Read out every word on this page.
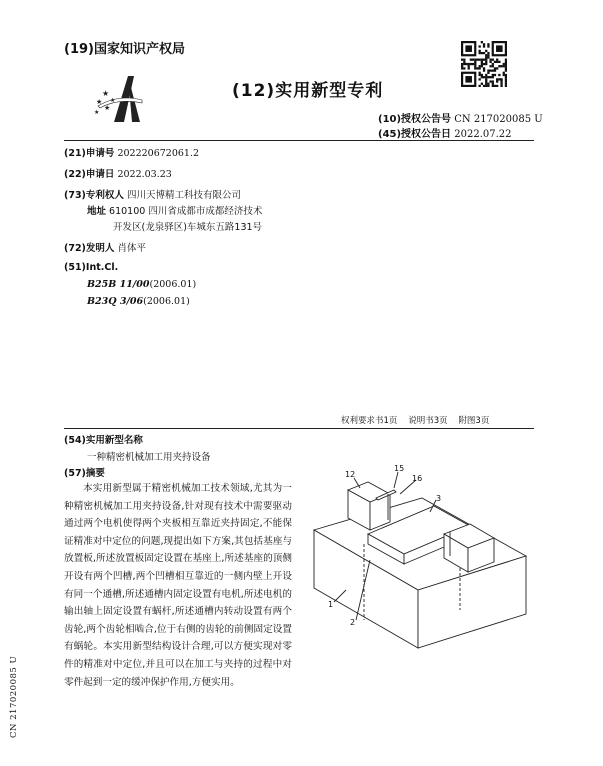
(19)国家知识产权局
★
★
★
★
★
(12)实用新型专利
(10)授权公告号 CN 217020085 U
(45)授权公告日 2022.07.22
(21)申请号 202220672061.2
(22)申请日 2022.03.23
(73)专利权人 四川天博精工科技有限公司
地址 610100 四川省成都市成都经济技术
开发区(龙泉驿区)车城东五路131号
(72)发明人 肖体平
(51)Int.Cl.
B25B 11/00(2006.01)
B23Q 3/06(2006.01)
权利要求书1页    说明书3页    附图3页
(54)实用新型名称
一种精密机械加工用夹持设备
(57)摘要
本实用新型属于精密机械加工技术领域,尤其为一种精密机械加工用夹持设备,针对现有技术中需要驱动通过两个电机使得两个夹板相互靠近夹持固定,不能保证精准对中定位的问题,现提出如下方案,其包括基座与放置板,所述放置板固定设置在基座上,所述基座的顶侧开设有两个凹槽,两个凹槽相互靠近的一侧内壁上开设有同一个通槽,所述通槽内固定设置有电机,所述电机的输出轴上固定设置有蜗杆,所述通槽内转动设置有两个齿轮,两个齿轮相啮合,位于右侧的齿轮的前侧固定设置有蜗轮。本实用新型结构设计合理,可以方便实现对零件的精准对中定位,并且可以在加工与夹持的过程中对零件起到一定的缓冲保护作用,方便实用。
12
15
16
3
1
2
CN 217020085 U
